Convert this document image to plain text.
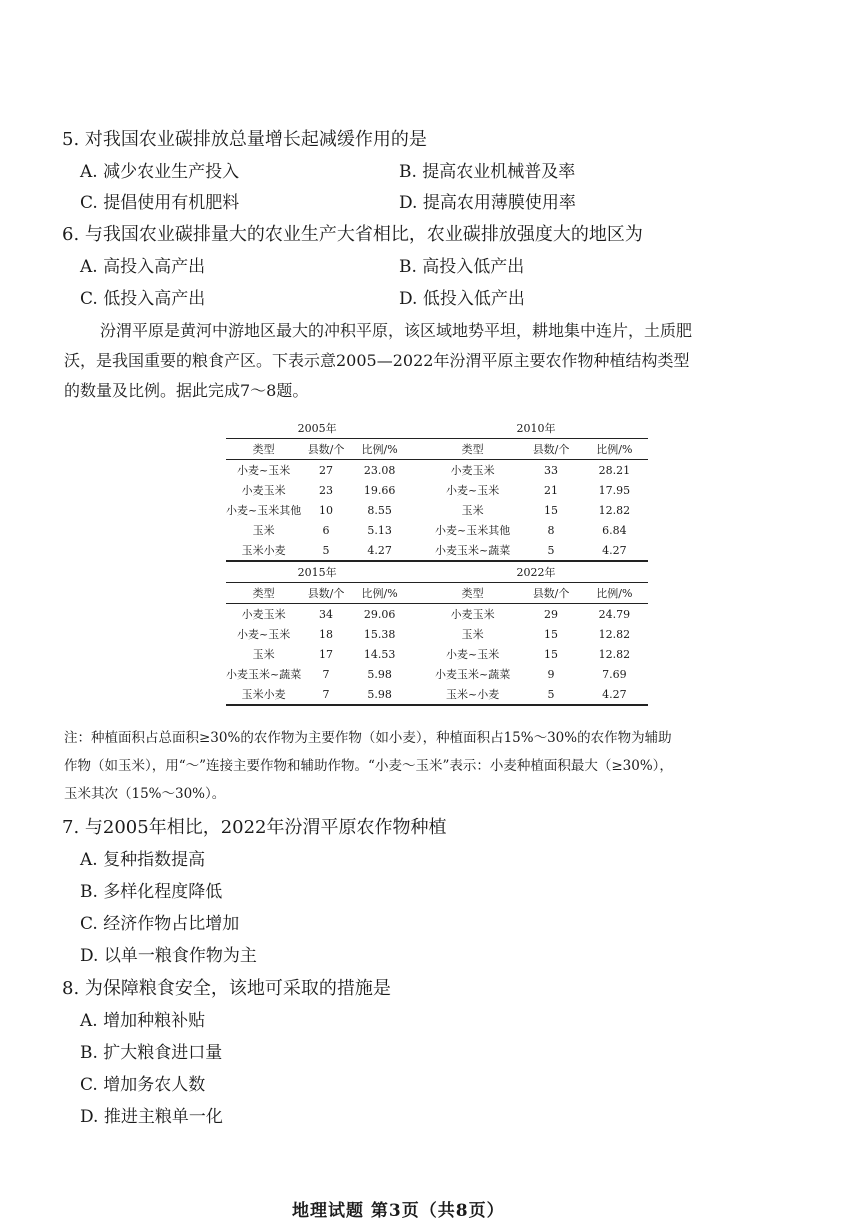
5. 对我国农业碳排放总量增长起减缓作用的是
A. 减少农业生产投入	B. 提高农业机械普及率
C. 提倡使用有机肥料	D. 提高农用薄膜使用率
6. 与我国农业碳排量大的农业生产大省相比，农业碳排放强度大的地区为
A. 高投入高产出	B. 高投入低产出
C. 低投入高产出	D. 低投入低产出
汾渭平原是黄河中游地区最大的冲积平原，该区域地势平坦，耕地集中连片，土质肥
沃，是我国重要的粮食产区。下表示意2005—2022年汾渭平原主要农作物种植结构类型
的数量及比例。据此完成7～8题。
2005年				2010年		
类型	县数/个	比例/%		类型	县数/个	比例/%
小麦~玉米	27	23.08		小麦玉米	33	28.21
小麦玉米	23	19.66		小麦~玉米	21	17.95
小麦~玉米其他	10	8.55		玉米	15	12.82
玉米	6	5.13		小麦~玉米其他	8	6.84
玉米小麦	5	4.27		小麦玉米~蔬菜	5	4.27
2015年				2022年		
类型	县数/个	比例/%		类型	县数/个	比例/%
小麦玉米	34	29.06		小麦玉米	29	24.79
小麦~玉米	18	15.38		玉米	15	12.82
玉米	17	14.53		小麦~玉米	15	12.82
小麦玉米~蔬菜	7	5.98		小麦玉米~蔬菜	9	7.69
玉米小麦	7	5.98		玉米~小麦	5	4.27
注：种植面积占总面积≥30%的农作物为主要作物（如小麦），种植面积占15%～30%的农作物为辅助
作物（如玉米），用“～”连接主要作物和辅助作物。“小麦～玉米”表示：小麦种植面积最大（≥30%），
玉米其次（15%～30%）。
7. 与2005年相比，2022年汾渭平原农作物种植
A. 复种指数提高
B. 多样化程度降低
C. 经济作物占比增加
D. 以单一粮食作物为主
8. 为保障粮食安全，该地可采取的措施是
A. 增加种粮补贴
B. 扩大粮食进口量
C. 增加务农人数
D. 推进主粮单一化
地理试题 第3页（共8页）
